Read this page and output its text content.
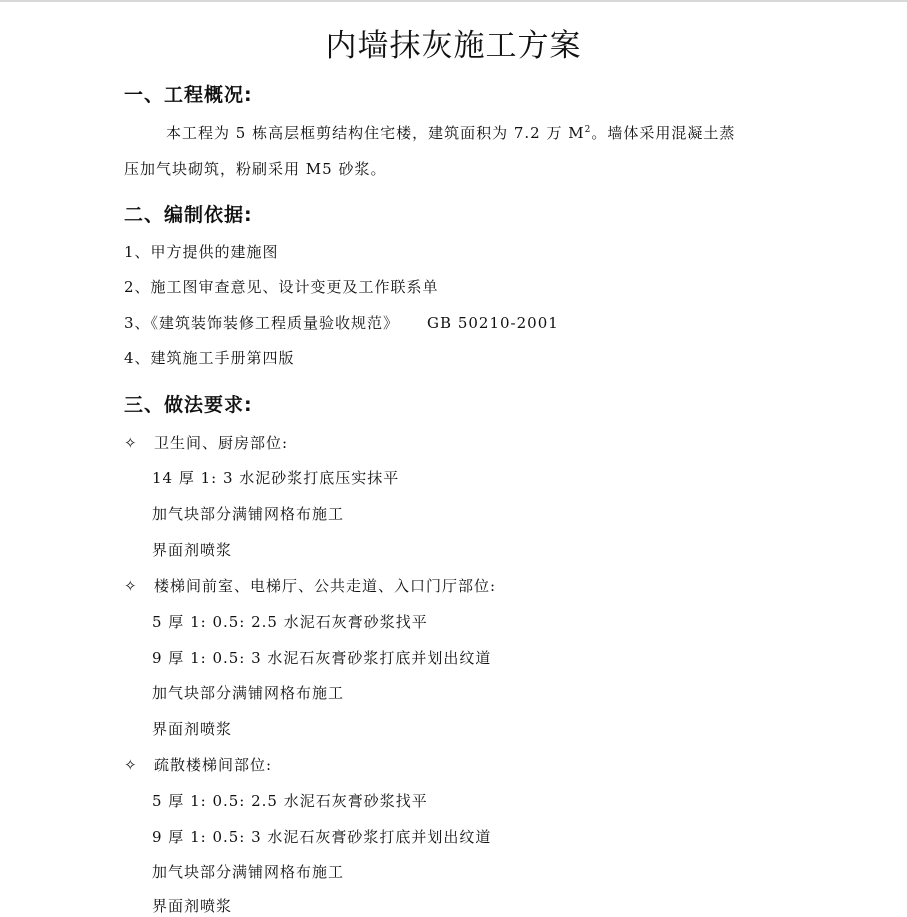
内墙抹灰施工方案
一、工程概况:
本工程为 5 栋高层框剪结构住宅楼，建筑面积为 7.2 万 $M^2$。墙体采用混凝土蒸
压加气块砌筑，粉刷采用 M5 砂浆。
二、编制依据:
1、甲方提供的建施图
2、施工图审查意见、设计变更及工作联系单
3、《建筑装饰装修工程质量验收规范》 GB 50210-2001
4、建筑施工手册第四版
三、做法要求:
✧ 卫生间、厨房部位:
14 厚 1: 3 水泥砂浆打底压实抹平
加气块部分满铺网格布施工
界面剂喷浆
✧ 楼梯间前室、电梯厅、公共走道、入口门厅部位:
5 厚 1: 0.5: 2.5 水泥石灰膏砂浆找平
9 厚 1: 0.5: 3 水泥石灰膏砂浆打底并划出纹道
加气块部分满铺网格布施工
界面剂喷浆
✧ 疏散楼梯间部位:
5 厚 1: 0.5: 2.5 水泥石灰膏砂浆找平
9 厚 1: 0.5: 3 水泥石灰膏砂浆打底并划出纹道
加气块部分满铺网格布施工
界面剂喷浆
